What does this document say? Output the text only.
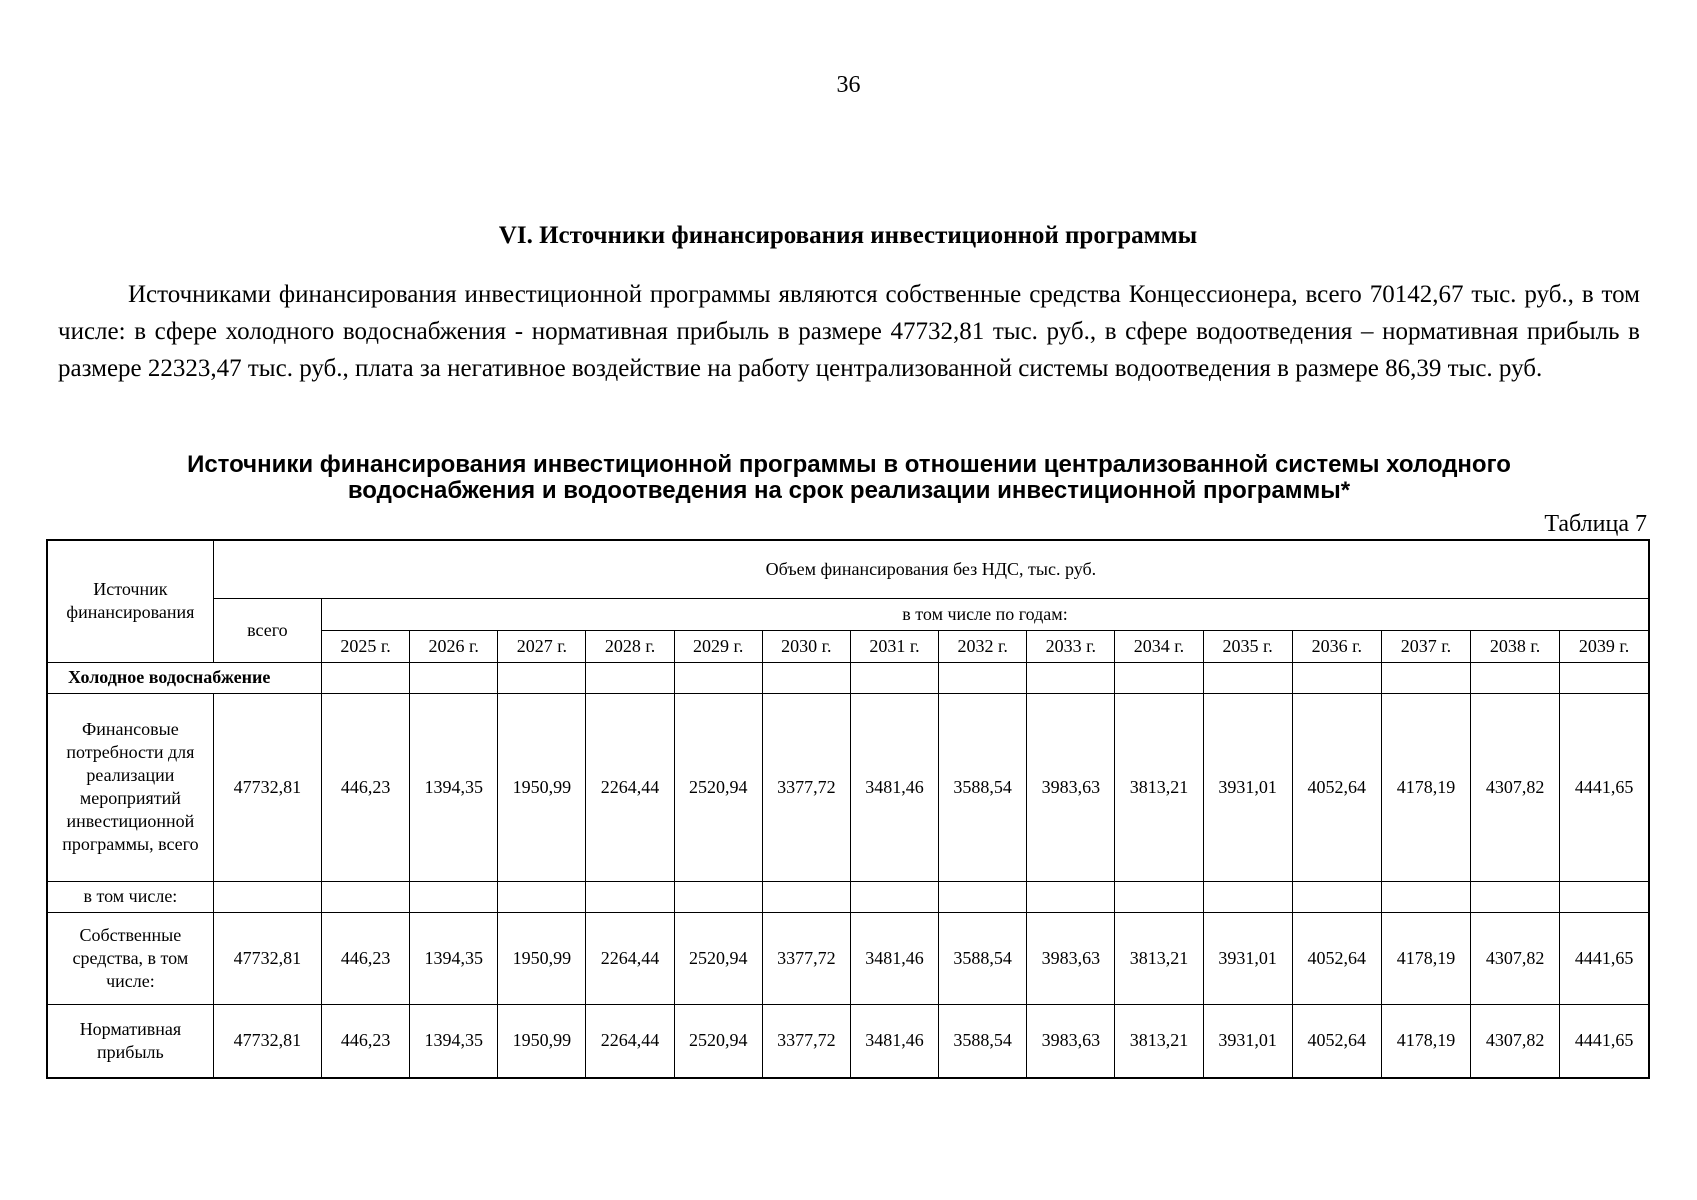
36
VI. Источники финансирования инвестиционной программы

Источниками финансирования инвестиционной программы являются собственные средства Концессионера, всего 70142,67 тыс. руб., в том числе: в сфере холодного водоснабжения - нормативная прибыль в размере 47732,81 тыс. руб., в сфере водоотведения – нормативная прибыль в размере 22323,47 тыс. руб., плата за негативное воздействие на работу централизованной системы водоотведения в размере 86,39 тыс. руб.

Источники финансирования инвестиционной программы в отношении централизованной системы холодного
водоснабжения и водоотведения на срок реализации инвестиционной программы*
Таблица 7
Источник финансирования	Объем финансирования без НДС, тыс. руб.															
	всего	в том числе по годам:														
		2025 г.	2026 г.	2027 г.	2028 г.	2029 г.	2030 г.	2031 г.	2032 г.	2033 г.	2034 г.	2035 г.	2036 г.	2037 г.	2038 г.	2039 г.
Холодное водоснабжение																
Финансовые потребности для реализации мероприятий инвестиционной программы, всего	47732,81	446,23	1394,35	1950,99	2264,44	2520,94	3377,72	3481,46	3588,54	3983,63	3813,21	3931,01	4052,64	4178,19	4307,82	4441,65
в том числе:																
Собственные средства, в том числе:	47732,81	446,23	1394,35	1950,99	2264,44	2520,94	3377,72	3481,46	3588,54	3983,63	3813,21	3931,01	4052,64	4178,19	4307,82	4441,65
Нормативная прибыль	47732,81	446,23	1394,35	1950,99	2264,44	2520,94	3377,72	3481,46	3588,54	3983,63	3813,21	3931,01	4052,64	4178,19	4307,82	4441,65
